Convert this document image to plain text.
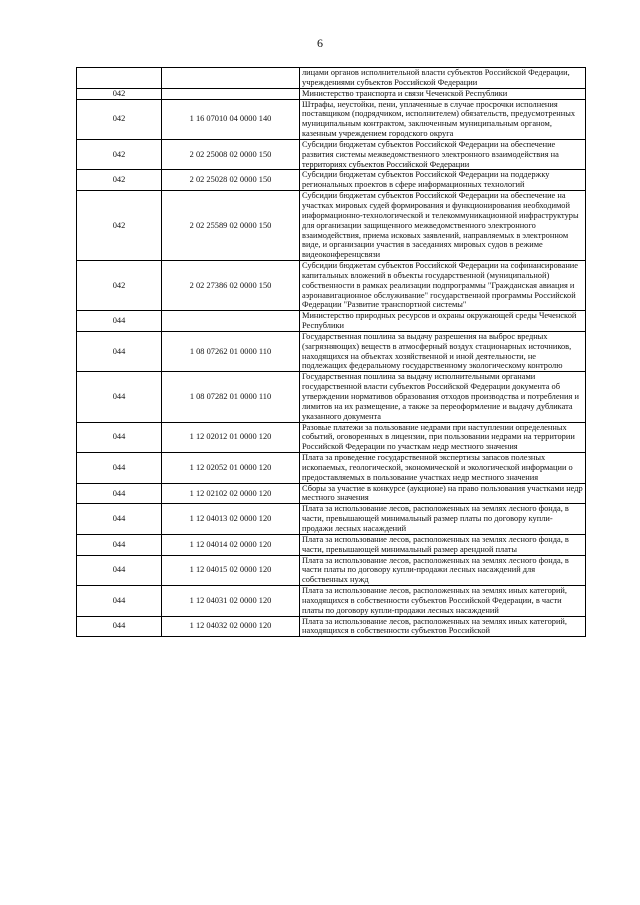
6
		лицами органов исполнительной власти субъектов Российской Федерации, учреждениями субъектов Российской Федерации
042		Министерство транспорта и связи Чеченской Республики
042	1 16 07010 04 0000 140	Штрафы, неустойки, пени, уплаченные в случае просрочки исполнения поставщиком (подрядчиком, исполнителем) обязательств, предусмотренных муниципальным контрактом, заключенным муниципальным органом, казенным учреждением городского округа
042	2 02 25008 02 0000 150	Субсидии бюджетам субъектов Российской Федерации на обеспечение развития системы межведомственного электронного взаимодействия на территориях субъектов Российской Федерации
042	2 02 25028 02 0000 150	Субсидии бюджетам субъектов Российской Федерации на поддержку региональных проектов в сфере информационных технологий
042	2 02 25589 02 0000 150	Субсидии бюджетам субъектов Российской Федерации на обеспечение на участках мировых судей формирования и функционирования необходимой информационно-технологической и телекоммуникационной инфраструктуры для организации защищенного межведомственного электронного взаимодействия, приема исковых заявлений, направляемых в электронном виде, и организации участия в заседаниях мировых судов в режиме видеоконференцсвязи
042	2 02 27386 02 0000 150	Субсидии бюджетам субъектов Российской Федерации на софинансирование капитальных вложений в объекты государственной (муниципальной) собственности в рамках реализации подпрограммы "Гражданская авиация и аэронавигационное обслуживание" государственной программы Российской Федерации "Развитие транспортной системы"
044		Министерство природных ресурсов и охраны окружающей среды Чеченской Республики
044	1 08 07262 01 0000 110	Государственная пошлина за выдачу разрешения на выброс вредных (загрязняющих) веществ в атмосферный воздух стационарных источников, находящихся на объектах хозяйственной и иной деятельности, не подлежащих федеральному государственному экологическому контролю
044	1 08 07282 01 0000 110	Государственная пошлина за выдачу исполнительными органами государственной власти субъектов Российской Федерации документа об утверждении нормативов образования отходов производства и потребления и лимитов на их размещение, а также за переоформление и выдачу дубликата указанного документа
044	1 12 02012 01 0000 120	Разовые платежи за пользование недрами при наступлении определенных событий, оговоренных в лицензии, при пользовании недрами на территории Российской Федерации по участкам недр местного значения
044	1 12 02052 01 0000 120	Плата за проведение государственной экспертизы запасов полезных ископаемых, геологической, экономической и экологической информации о предоставляемых в пользование участках недр местного значения
044	1 12 02102 02 0000 120	Сборы за участие в конкурсе (аукционе) на право пользования участками недр местного значения
044	1 12 04013 02 0000 120	Плата за использование лесов, расположенных на землях лесного фонда, в части, превышающей минимальный размер платы по договору купли-продажи лесных насаждений
044	1 12 04014 02 0000 120	Плата за использование лесов, расположенных на землях лесного фонда, в части, превышающей минимальный размер арендной платы
044	1 12 04015 02 0000 120	Плата за использование лесов, расположенных на землях лесного фонда, в части платы по договору купли-продажи лесных насаждений для собственных нужд
044	1 12 04031 02 0000 120	Плата за использование лесов, расположенных на землях иных категорий, находящихся в собственности субъектов Российской Федерации, в части платы по договору купли-продажи лесных насаждений
044	1 12 04032 02 0000 120	Плата за использование лесов, расположенных на землях иных категорий, находящихся в собственности субъектов Российской
